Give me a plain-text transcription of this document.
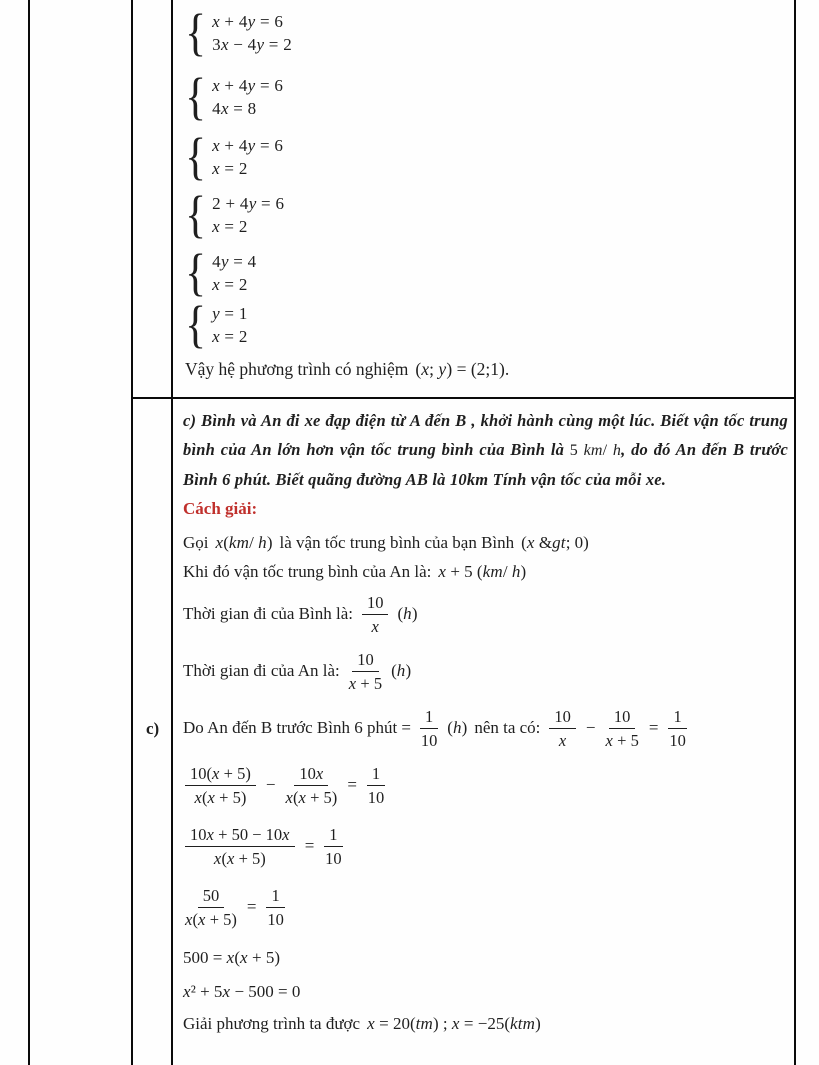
{ x + 4y = 6
3x − 4y = 2
{ x + 4y = 6
4x = 8
{ x + 4y = 6
x = 2
{ 2 + 4y = 6
x = 2
{ 4y = 4
x = 2
{ y = 1
x = 2
Vậy hệ phương trình có nghiệm (x; y) = (2;1).
c)
c) Bình và An đi xe đạp điện từ A đến B , khởi hành cùng một lúc. Biết vận tốc trung bình của An lớn hơn vận tốc trung bình của Bình là 5 km/ h, do đó An đến B trước Bình 6 phút. Biết quãng đường AB là 10km Tính vận tốc của mỗi xe.
Cách giải:
Gọi x(km/ h) là vận tốc trung bình của bạn Bình (x &gt; 0)
Khi đó vận tốc trung bình của An là: x + 5 (km/ h)
Thời gian đi của Bình là: $\frac{10}{x} (h)$
Thời gian đi của An là: $\frac{10}{x + 5} (h)$
Do An đến B trước Bình 6 phút = $\frac{1}{10} (h)$ nên ta có: $\frac{10}{x} - \frac{10}{x + 5} = \frac{1}{10}$
$\frac{10(x + 5)}{x(x + 5)} - \frac{10x}{x(x + 5)} = \frac{1}{10}$
$\frac{10x + 50 - 10x}{x(x + 5)} = \frac{1}{10}$
$\frac{50}{x(x + 5)} = \frac{1}{10}$
500 = x(x + 5)
x² + 5x − 500 = 0
Giải phương trình ta được x = 20(tm) ; x = −25(ktm)
